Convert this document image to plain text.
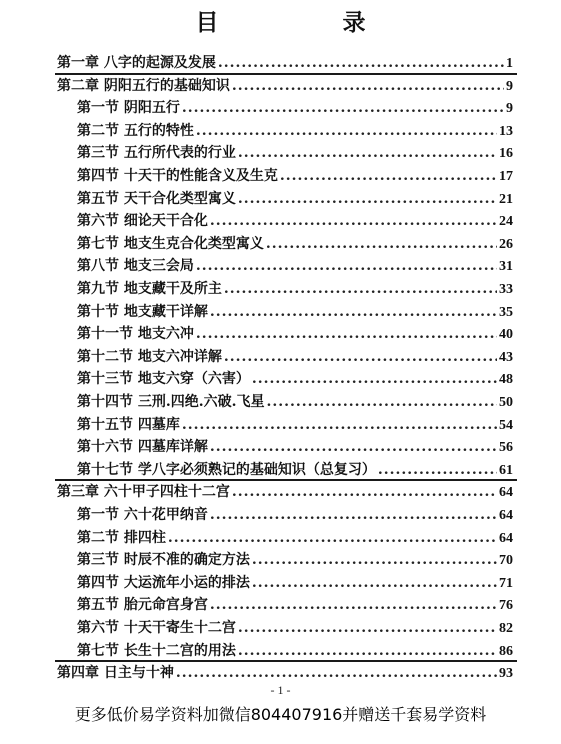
目 录
第一章 八字的起源及发展 .....	1
第二章 阴阳五行的基础知识 .....	9
第一节 阴阳五行 .....	9
第二节 五行的特性 .....	13
第三节 五行所代表的行业 .....	16
第四节 十天干的性能含义及生克 .....	17
第五节 天干合化类型寓义 .....	21
第六节 细论天干合化 .....	24
第七节 地支生克合化类型寓义 .....	26
第八节 地支三会局 .....	31
第九节 地支藏干及所主 .....	33
第十节 地支藏干详解 .....	35
第十一节 地支六冲 .....	40
第十二节 地支六冲详解 .....	43
第十三节 地支六穿（六害） .....	48
第十四节 三刑.四绝.六破.飞星 .....	50
第十五节 四墓库 .....	54
第十六节 四墓库详解 .....	56
第十七节 学八字必须熟记的基础知识（总复习） .....	61
第三章 六十甲子四柱十二宫 .....	64
第一节 六十花甲纳音 .....	64
第二节 排四柱 .....	64
第三节 时辰不准的确定方法 .....	70
第四节 大运流年小运的排法 .....	71
第五节 胎元命宫身宫 .....	76
第六节 十天干寄生十二宫 .....	82
第七节 长生十二宫的用法 .....	86
第四章 日主与十神 .....	93
- 1 -
更多低价易学资料加微信804407916并赠送千套易学资料
